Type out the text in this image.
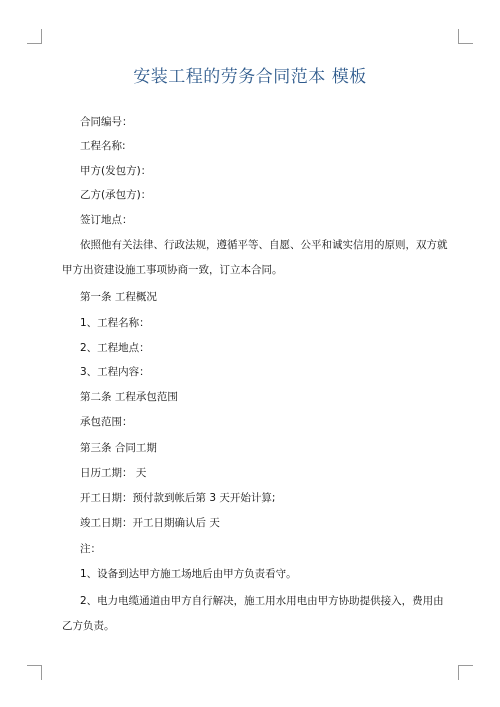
安装工程的劳务合同范本 模板
合同编号：
工程名称:
甲方(发包方)：
乙方(承包方)：
签订地点：
依照他有关法律、行政法规，遵循平等、自愿、公平和诚实信用的原则，双方就
甲方出资建设施工事项协商一致，订立本合同。
第一条 工程概况
1、工程名称：
2、工程地点：
3、工程内容：
第二条 工程承包范围
承包范围：
第三条 合同工期
日历工期： 天
开工日期：预付款到帐后第 3 天开始计算;
竣工日期：开工日期确认后 天
注：
1、设备到达甲方施工场地后由甲方负责看守。
2、电力电缆通道由甲方自行解决，施工用水用电由甲方协助提供接入，费用由
乙方负责。
